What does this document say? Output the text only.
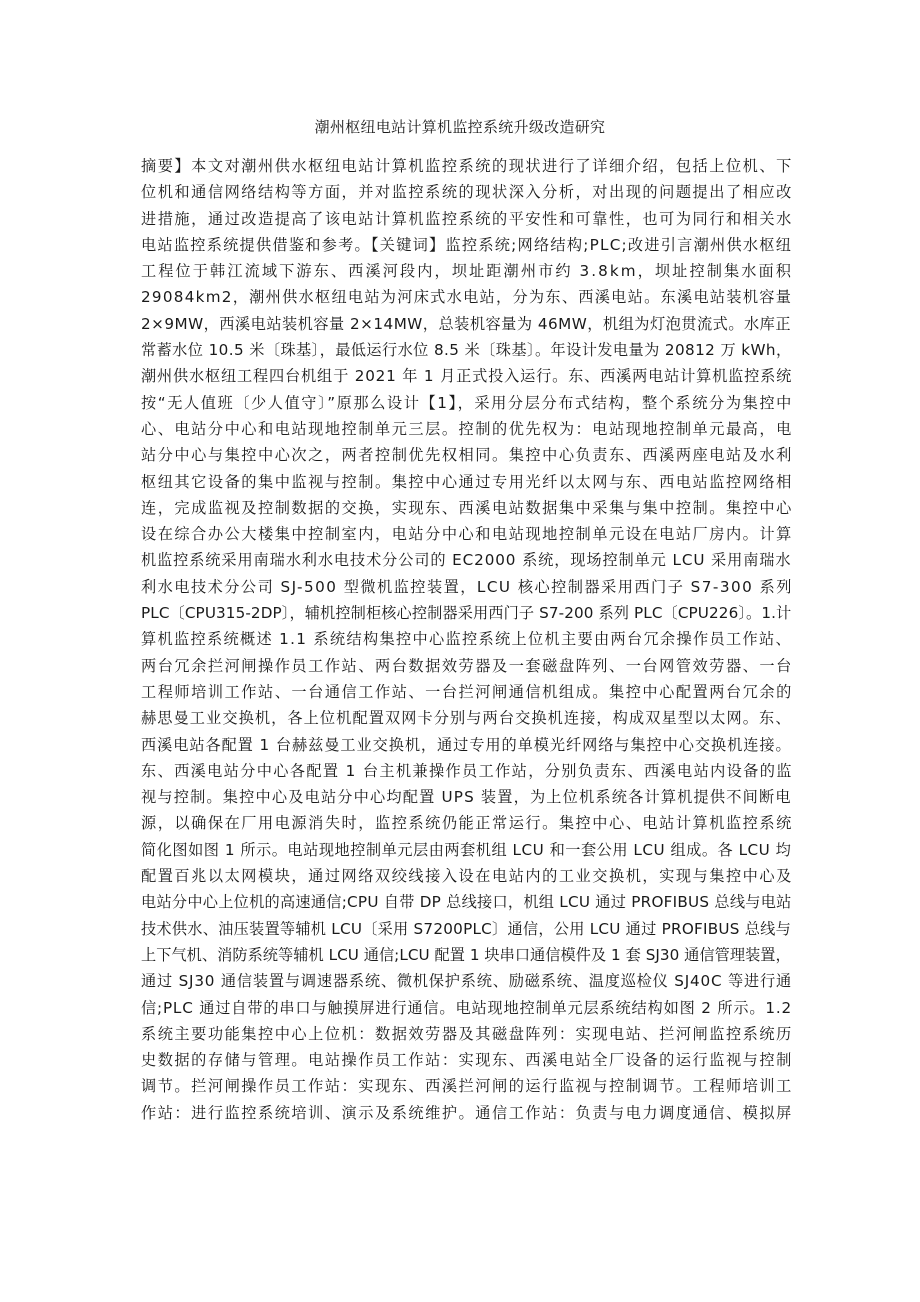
潮州枢纽电站计算机监控系统升级改造研究
摘要】本文对潮州供水枢纽电站计算机监控系统的现状进行了详细介绍，包括上位机、下
位机和通信网络结构等方面，并对监控系统的现状深入分析，对出现的问题提出了相应改
进措施，通过改造提高了该电站计算机监控系统的平安性和可靠性，也可为同行和相关水
电站监控系统提供借鉴和参考。【关键词】监控系统;网络结构;PLC;改进引言潮州供水枢纽
工程位于韩江流域下游东、西溪河段内，坝址距潮州市约 3.8km，坝址控制集水面积
29084km2，潮州供水枢纽电站为河床式水电站，分为东、西溪电站。东溪电站装机容量
2×9MW，西溪电站装机容量 2×14MW，总装机容量为 46MW，机组为灯泡贯流式。水库正
常蓄水位 10.5 米〔珠基〕，最低运行水位 8.5 米〔珠基〕。年设计发电量为 20812 万 kWh，
潮州供水枢纽工程四台机组于 2021 年 1 月正式投入运行。东、西溪两电站计算机监控系统
按“无人值班〔少人值守〕”原那么设计【1】，采用分层分布式结构，整个系统分为集控中
心、电站分中心和电站现地控制单元三层。控制的优先权为：电站现地控制单元最高，电
站分中心与集控中心次之，两者控制优先权相同。集控中心负责东、西溪两座电站及水利
枢纽其它设备的集中监视与控制。集控中心通过专用光纤以太网与东、西电站监控网络相
连，完成监视及控制数据的交换，实现东、西溪电站数据集中采集与集中控制。集控中心
设在综合办公大楼集中控制室内，电站分中心和电站现地控制单元设在电站厂房内。计算
机监控系统采用南瑞水利水电技术分公司的 EC2000 系统，现场控制单元 LCU 采用南瑞水
利水电技术分公司 SJ-500 型微机监控装置，LCU 核心控制器采用西门子 S7-300 系列
PLC〔CPU315-2DP〕，辅机控制柜核心控制器采用西门子 S7-200 系列 PLC〔CPU226〕。1.计
算机监控系统概述 1.1 系统结构集控中心监控系统上位机主要由两台冗余操作员工作站、
两台冗余拦河闸操作员工作站、两台数据效劳器及一套磁盘阵列、一台网管效劳器、一台
工程师培训工作站、一台通信工作站、一台拦河闸通信机组成。集控中心配置两台冗余的
赫思曼工业交换机，各上位机配置双网卡分别与两台交换机连接，构成双星型以太网。东、
西溪电站各配置 1 台赫兹曼工业交换机，通过专用的单模光纤网络与集控中心交换机连接。
东、西溪电站分中心各配置 1 台主机兼操作员工作站，分别负责东、西溪电站内设备的监
视与控制。集控中心及电站分中心均配置 UPS 装置，为上位机系统各计算机提供不间断电
源，以确保在厂用电源消失时，监控系统仍能正常运行。集控中心、电站计算机监控系统
简化图如图 1 所示。电站现地控制单元层由两套机组 LCU 和一套公用 LCU 组成。各 LCU 均
配置百兆以太网模块，通过网络双绞线接入设在电站内的工业交换机，实现与集控中心及
电站分中心上位机的高速通信;CPU 自带 DP 总线接口，机组 LCU 通过 PROFIBUS 总线与电站
技术供水、油压装置等辅机 LCU〔采用 S7200PLC〕通信，公用 LCU 通过 PROFIBUS 总线与
上下气机、消防系统等辅机 LCU 通信;LCU 配置 1 块串口通信模件及 1 套 SJ30 通信管理装置，
通过 SJ30 通信装置与调速器系统、微机保护系统、励磁系统、温度巡检仪 SJ40C 等进行通
信;PLC 通过自带的串口与触摸屏进行通信。电站现地控制单元层系统结构如图 2 所示。1.2
系统主要功能集控中心上位机：数据效劳器及其磁盘阵列：实现电站、拦河闸监控系统历
史数据的存储与管理。电站操作员工作站：实现东、西溪电站全厂设备的运行监视与控制
调节。拦河闸操作员工作站：实现东、西溪拦河闸的运行监视与控制调节。工程师培训工
作站：进行监控系统培训、演示及系统维护。通信工作站：负责与电力调度通信、模拟屏
